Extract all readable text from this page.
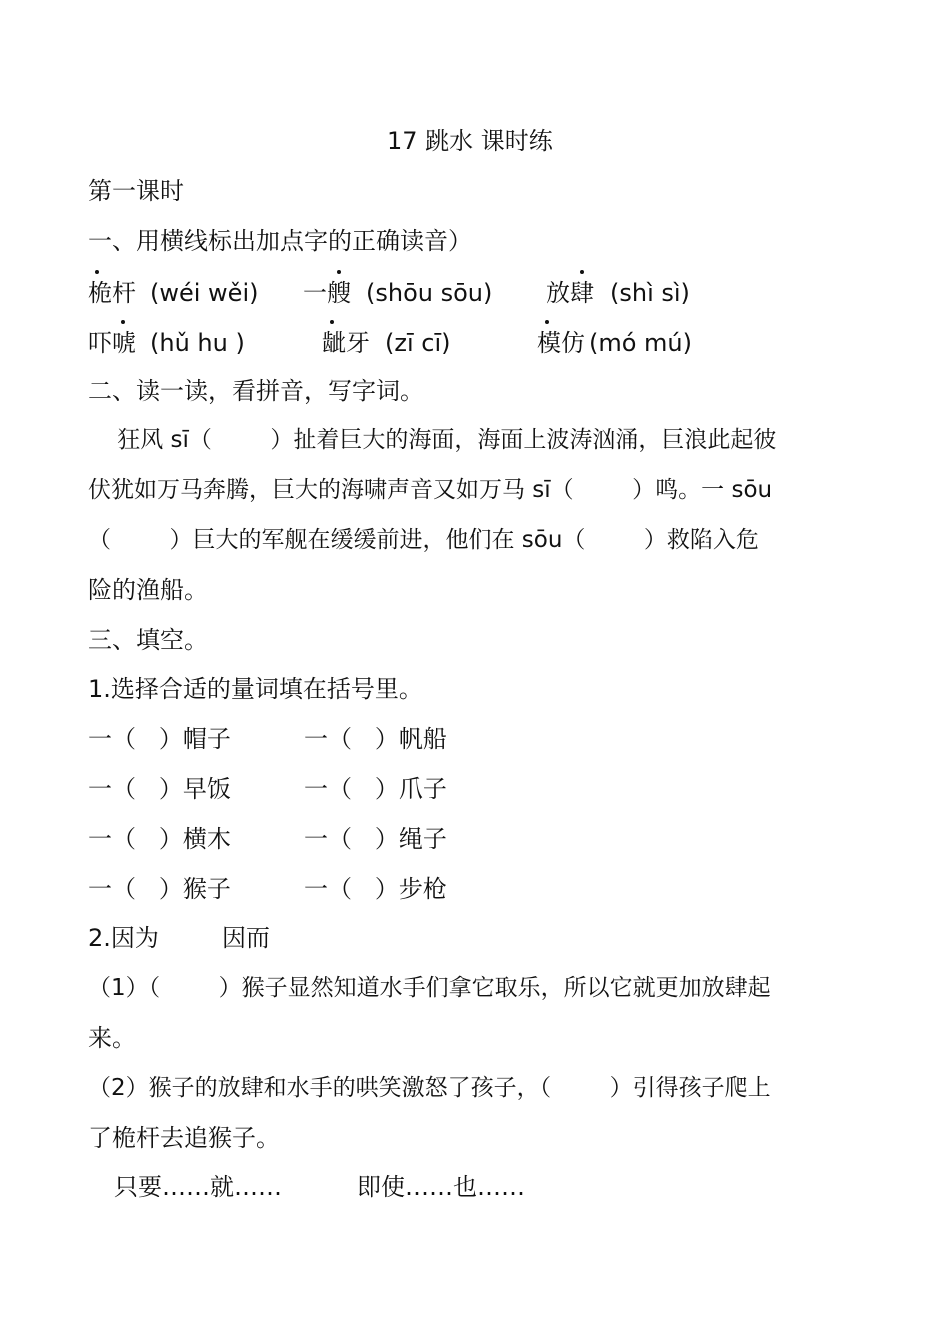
17 跳水 课时练
第一课时
一、用横线标出加点字的正确读音）
桅杆 (wéi wěi) 一艘 (shōu sōu) 放肆 (shì sì)
吓唬 (hǔ hu )	龇牙 (zī cī)	模仿 (mó mú)
二、读一读，看拼音，写字词。
狂风 sī（        ）扯着巨大的海面，海面上波涛汹涌，巨浪此起彼
伏犹如万马奔腾，巨大的海啸声音又如万马 sī（        ）鸣。一 sōu
（        ）巨大的军舰在缓缓前进，他们在 sōu（        ）救陷入危
险的渔船。
三、填空。
1.选择合适的量词填在括号里。
一（   ）帽子	一（   ）帆船
一（   ）早饭	一（   ）爪子
一（   ）横木	一（   ）绳子
一（   ）猴子	一（   ）步枪
2.因为	因而
（1）（        ）猴子显然知道水手们拿它取乐，所以它就更加放肆起
来。
（2）猴子的放肆和水手的哄笑激怒了孩子，（        ）引得孩子爬上
了桅杆去追猴子。
只要……就……	即使……也……
